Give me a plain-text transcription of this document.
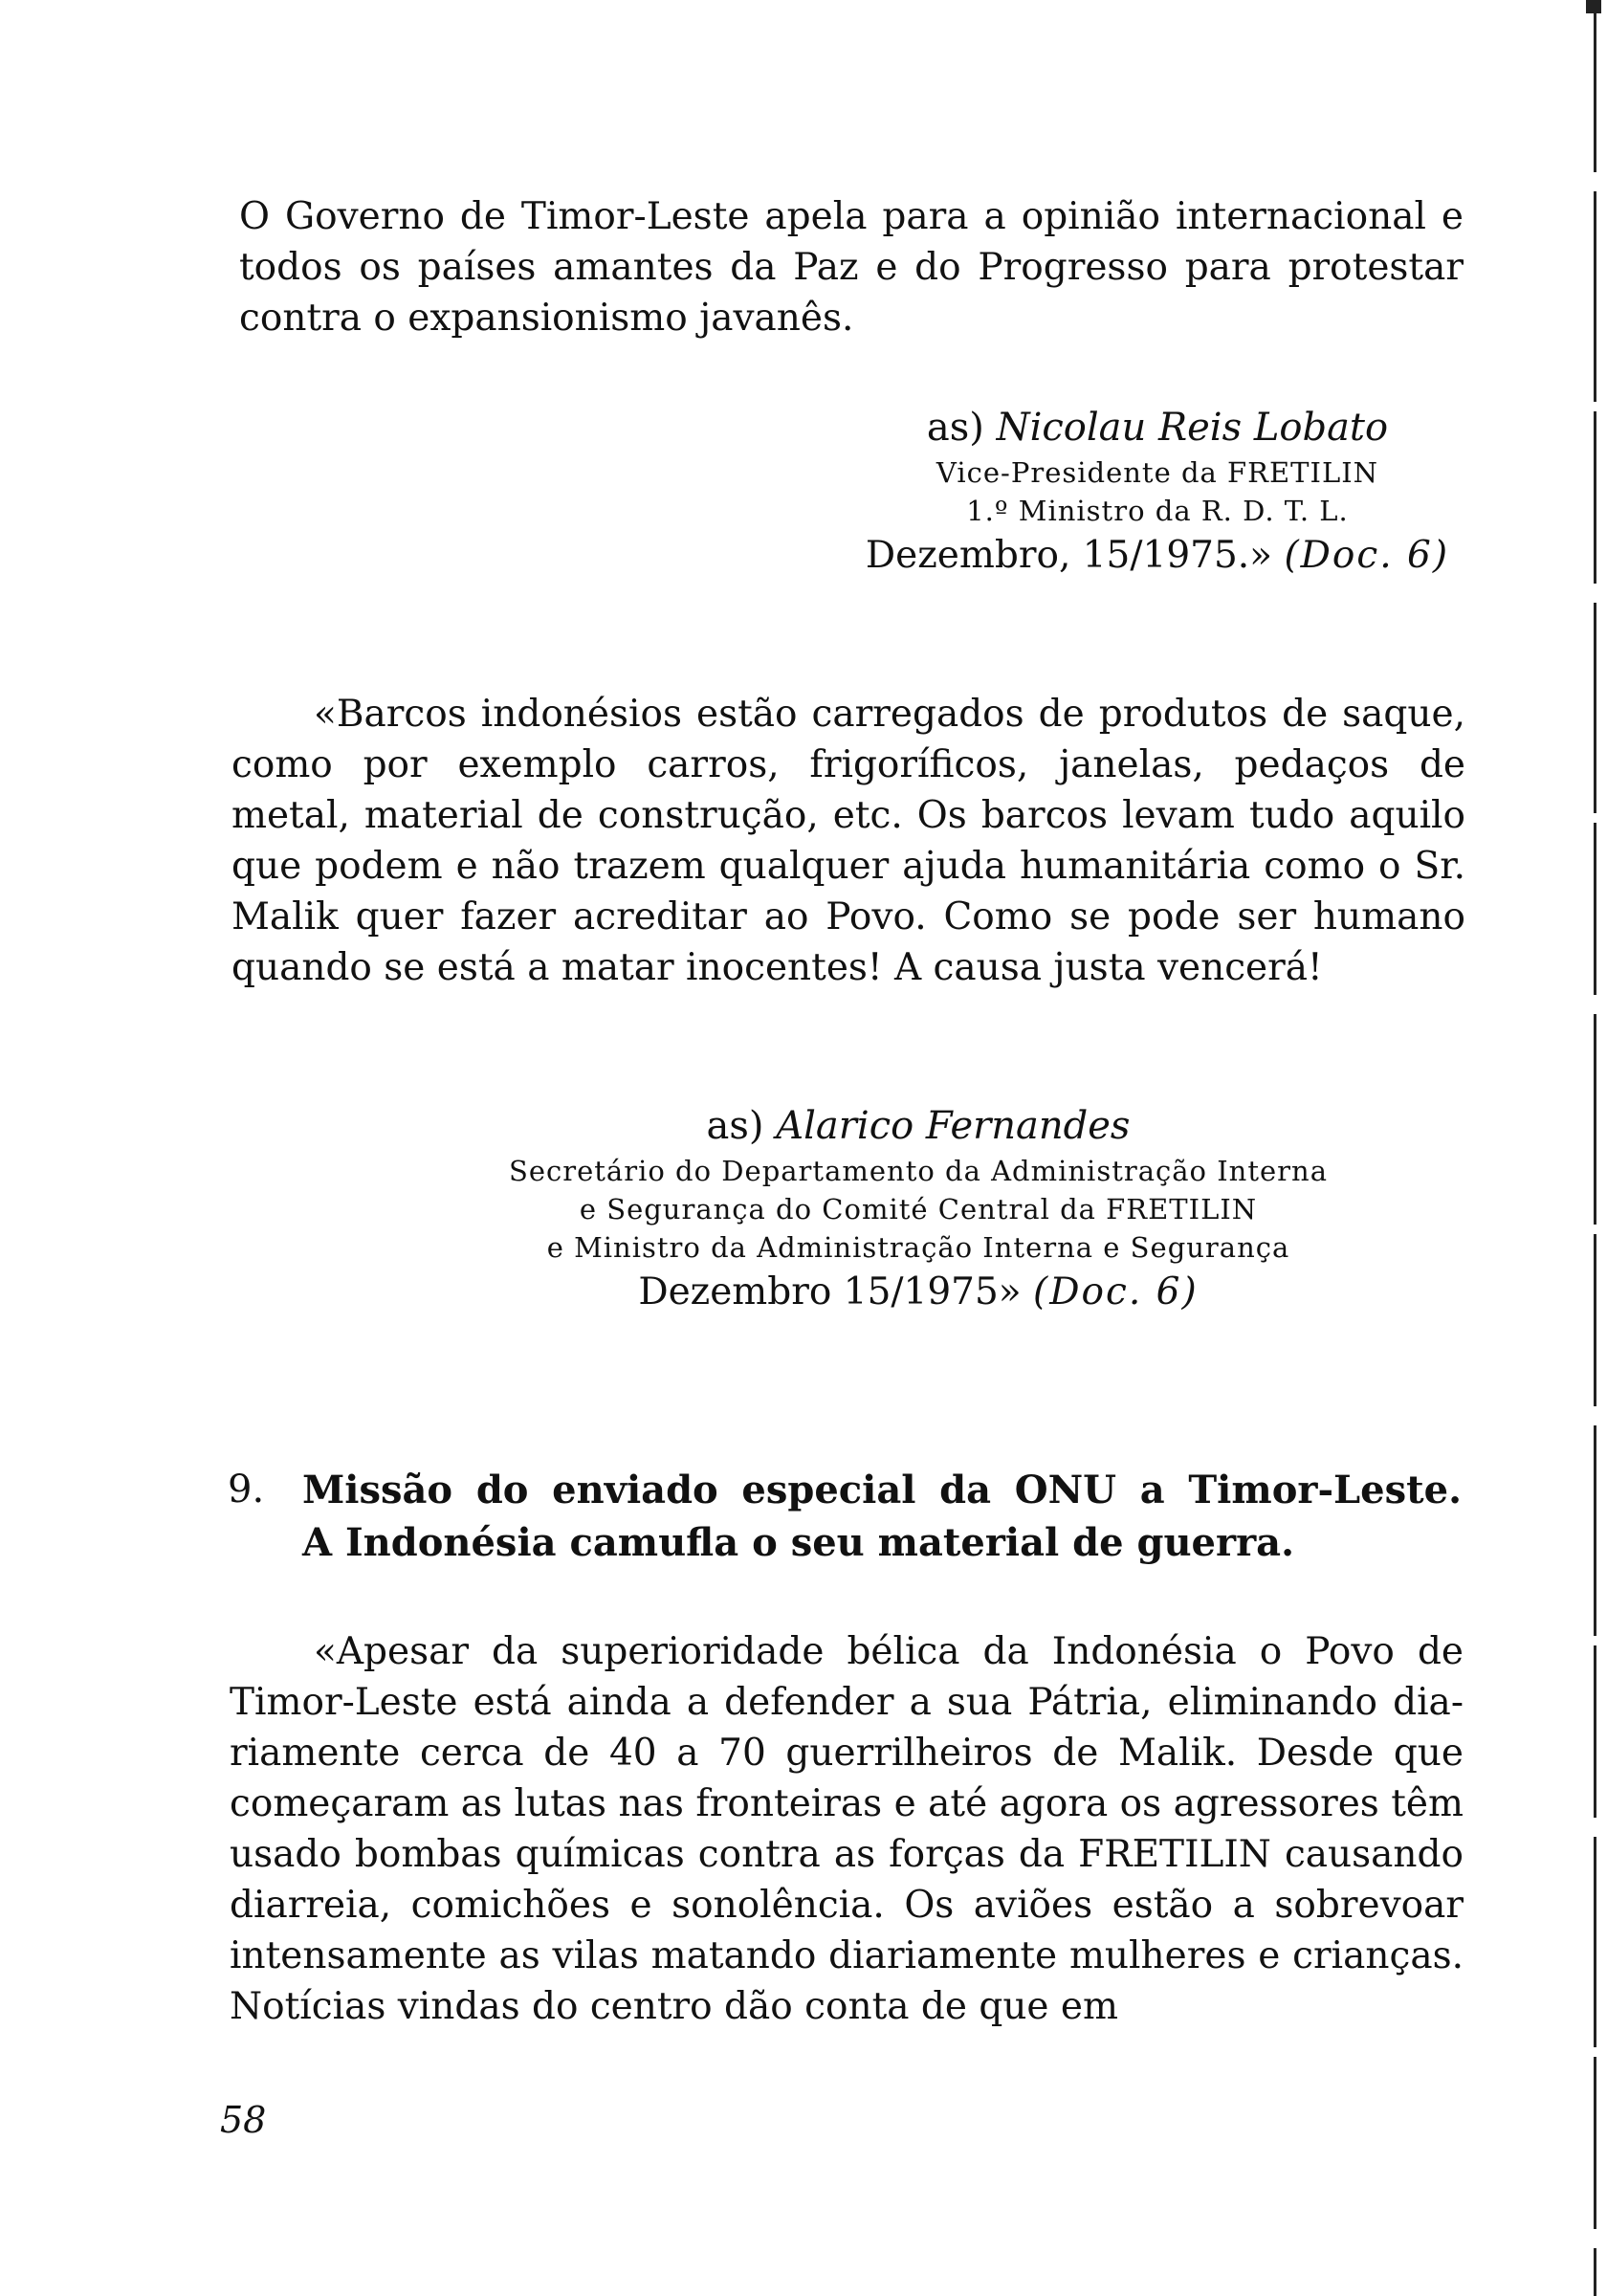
O Governo de Timor-Leste apela para a opinião internacional e todos os países amantes da Paz e do Progresso para protestar contra o expansionismo javanês.
as) Nicolau Reis Lobato
Vice-Presidente da FRETILIN
1.º Ministro da R. D. T. L.
Dezembro, 15/1975.» (Doc. 6)
«Barcos indonésios estão carregados de produtos de saque, como por exemplo carros, frigoríficos, janelas, pedaços de metal, material de construção, etc. Os barcos levam tudo aquilo que podem e não trazem qualquer ajuda humanitária como o Sr. Malik quer fazer acreditar ao Povo. Como se pode ser humano quando se está a matar inocentes! A causa justa vencerá!
as) Alarico Fernandes
Secretário do Departamento da Administração Interna
e Segurança do Comité Central da FRETILIN
e Ministro da Administração Interna e Segurança
Dezembro 15/1975» (Doc. 6)
9. Missão do enviado especial da ONU a Timor-Leste.
A Indonésia camufla o seu material de guerra.
«Apesar da superioridade bélica da Indonésia o Povo de Timor-Leste está ainda a defender a sua Pátria, eliminando diariamente cerca de 40 a 70 guerrilheiros de Malik. Desde que começaram as lutas nas fronteiras e até agora os agressores têm usado bombas químicas contra as forças da FRETILIN causando diarreia, comichões e sonolência. Os aviões estão a sobrevoar intensamente as vilas matando diariamente mulheres e crianças. Notícias vindas do centro dão conta de que em
58
